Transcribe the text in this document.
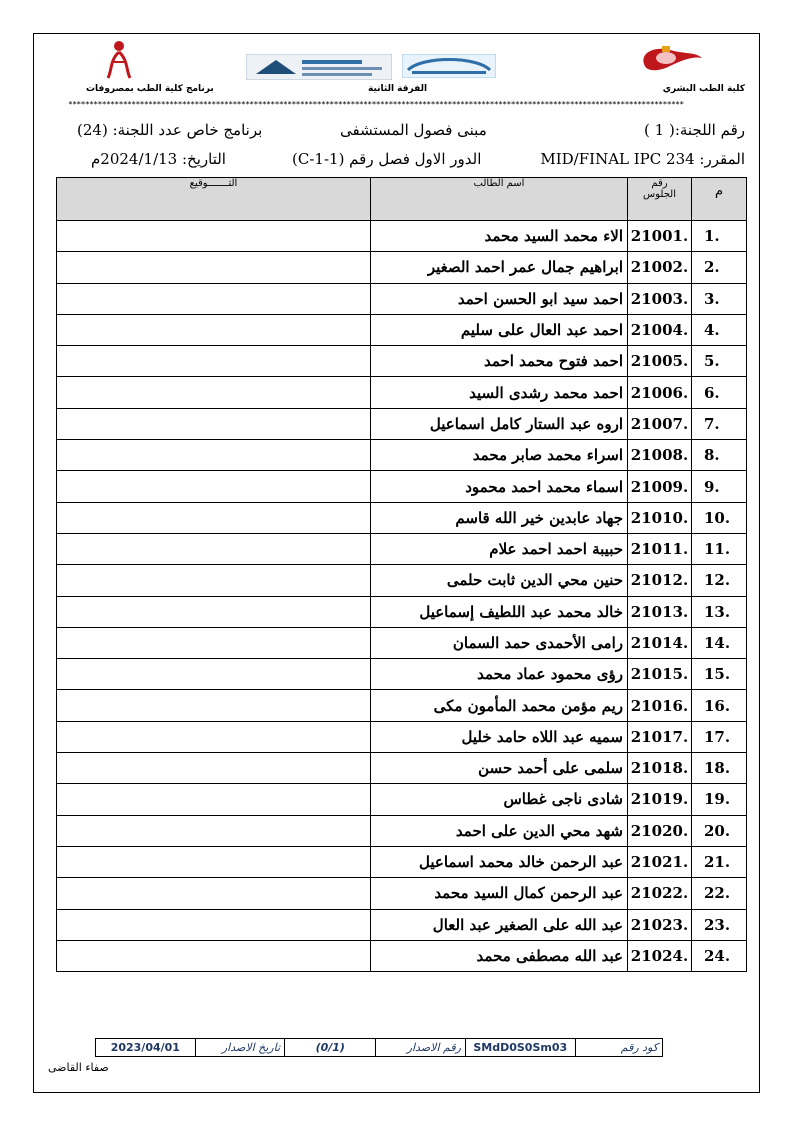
كلية الطب البشري
الفرقة الثانية
برنامج كلية الطب بمصروفات
**************************************************************************************************************************************************
رقم اللجنة:( 1 )
مبنى فصول المستشفى
برنامج خاص عدد اللجنة: (24)
المقرر: MID/FINAL IPC 234
الدور الاول فصل رقم (C-1-1)
التاريخ: 2024/1/13م
م	رقم الجلوس	اسم الطالب	التـــــــوقيع
1.	21001.	الاء محمد السيد محمد	
2.	21002.	ابراهيم جمال عمر احمد الصغير	
3.	21003.	احمد سيد ابو الحسن احمد	
4.	21004.	احمد عبد العال على سليم	
5.	21005.	احمد فتوح محمد احمد	
6.	21006.	احمد محمد رشدى السيد	
7.	21007.	اروه عبد الستار كامل اسماعيل	
8.	21008.	اسراء محمد صابر محمد	
9.	21009.	اسماء محمد احمد محمود	
10.	21010.	جهاد عابدين خير الله قاسم	
11.	21011.	حبيبة احمد احمد علام	
12.	21012.	حنين محي الدين ثابت حلمى	
13.	21013.	خالد محمد عبد اللطيف إسماعيل	
14.	21014.	رامى الأحمدى حمد السمان	
15.	21015.	رؤى محمود عماد محمد	
16.	21016.	ريم مؤمن محمد المأمون مكى	
17.	21017.	سميه عبد اللاه حامد خليل	
18.	21018.	سلمى على أحمد حسن	
19.	21019.	شادى ناجى غطاس	
20.	21020.	شهد محي الدين على احمد	
21.	21021.	عبد الرحمن خالد محمد اسماعيل	
22.	21022.	عبد الرحمن كمال السيد محمد	
23.	21023.	عبد الله على الصغير عبد العال	
24.	21024.	عبد الله مصطفى محمد	
كود رقم	SMdD0S0Sm03	رقم الاصدار	(0/1)	تاريخ الاصدار	2023/04/01
صفاء القاضى
